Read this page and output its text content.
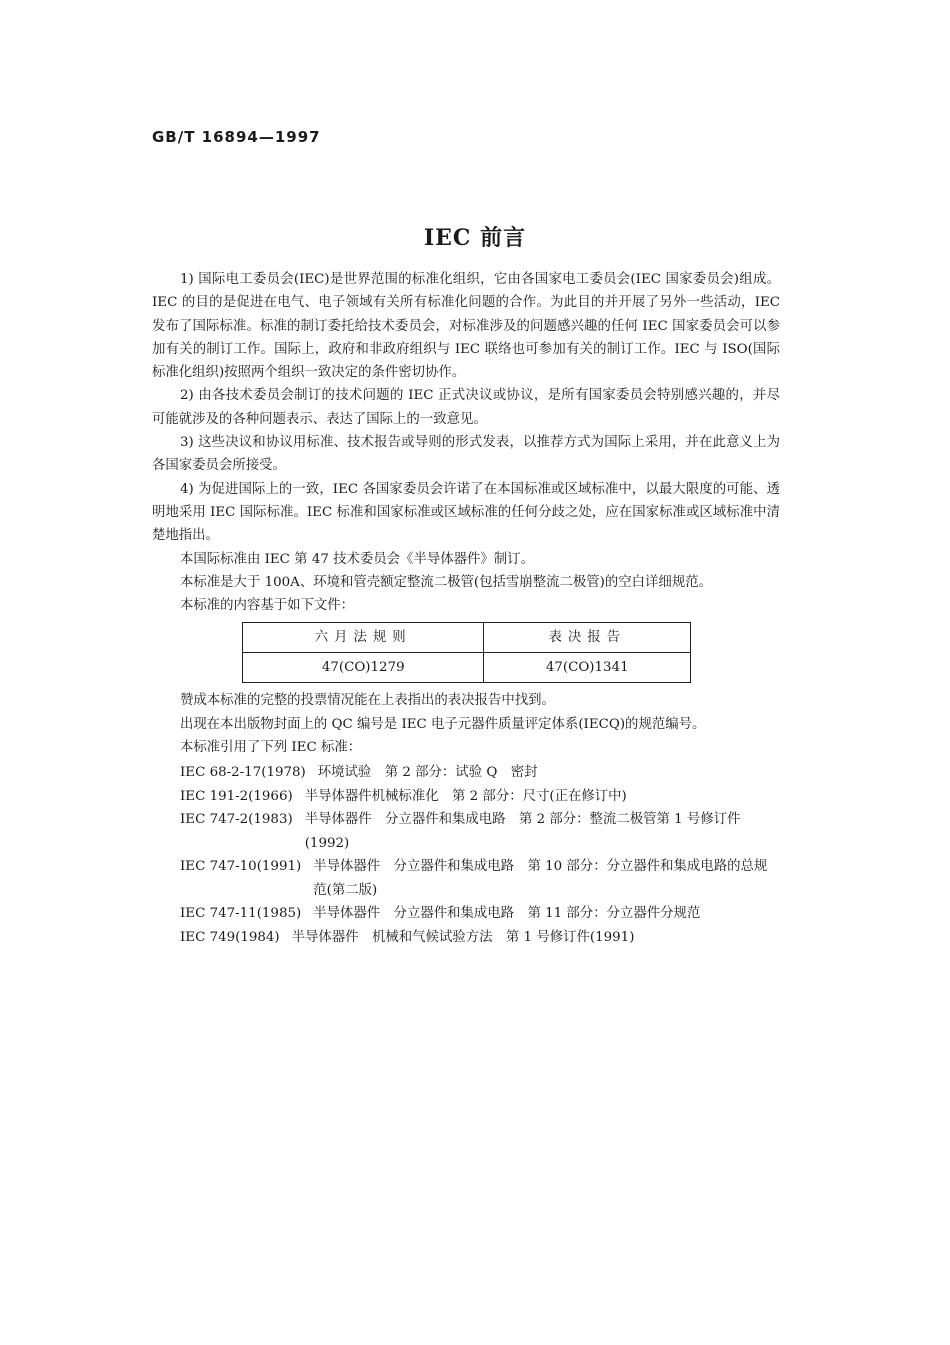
GB/T 16894—1997
IEC 前言

1) 国际电工委员会(IEC)是世界范围的标准化组织，它由各国家电工委员会(IEC 国家委员会)组成。IEC 的目的是促进在电气、电子领域有关所有标准化问题的合作。为此目的并开展了另外一些活动，IEC 发布了国际标准。标准的制订委托给技术委员会，对标准涉及的问题感兴趣的任何 IEC 国家委员会可以参加有关的制订工作。国际上，政府和非政府组织与 IEC 联络也可参加有关的制订工作。IEC 与 ISO(国际标准化组织)按照两个组织一致决定的条件密切协作。

2) 由各技术委员会制订的技术问题的 IEC 正式决议或协议，是所有国家委员会特别感兴趣的，并尽可能就涉及的各种问题表示、表达了国际上的一致意见。

3) 这些决议和协议用标准、技术报告或导则的形式发表，以推荐方式为国际上采用，并在此意义上为各国家委员会所接受。

4) 为促进国际上的一致，IEC 各国家委员会许诺了在本国标准或区域标准中，以最大限度的可能、透明地采用 IEC 国际标准。IEC 标准和国家标准或区域标准的任何分歧之处，应在国家标准或区域标准中清楚地指出。

本国际标准由 IEC 第 47 技术委员会《半导体器件》制订。

本标准是大于 100A、环境和管壳额定整流二极管(包括雪崩整流二极管)的空白详细规范。

本标准的内容基于如下文件：

六月法规则	表决报告
47(CO)1279	47(CO)1341

赞成本标准的完整的投票情况能在上表指出的表决报告中找到。

出现在本出版物封面上的 QC 编号是 IEC 电子元器件质量评定体系(IECQ)的规范编号。

本标准引用了下列 IEC 标准：

IEC 68-2-17(1978) 环境试验　第 2 部分：试验 Q　密封
IEC 191-2(1966) 半导体器件机械标准化　第 2 部分：尺寸(正在修订中)
IEC 747-2(1983) 半导体器件　分立器件和集成电路　第 2 部分：整流二极管第 1 号修订件(1992)
IEC 747-10(1991) 半导体器件　分立器件和集成电路　第 10 部分：分立器件和集成电路的总规范(第二版)
IEC 747-11(1985) 半导体器件　分立器件和集成电路　第 11 部分：分立器件分规范
IEC 749(1984) 半导体器件　机械和气候试验方法　第 1 号修订件(1991)
